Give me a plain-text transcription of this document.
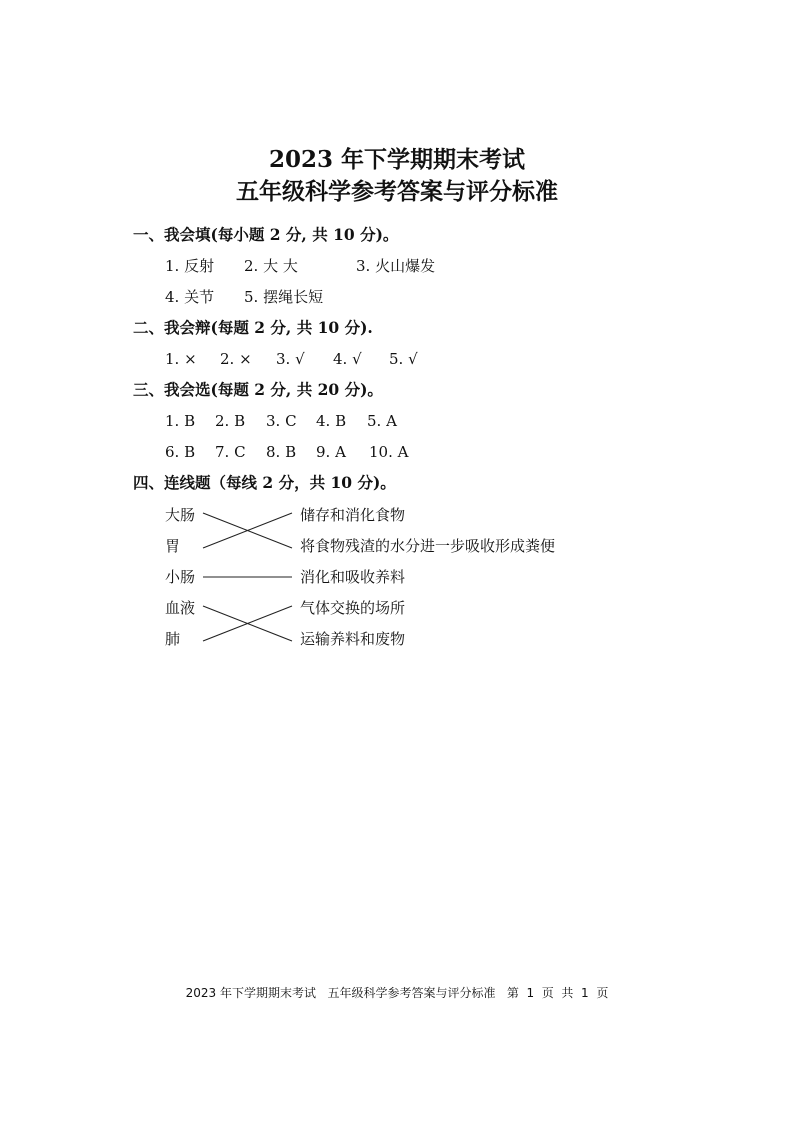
2023 年下学期期末考试
五年级科学参考答案与评分标准
一、我会填(每小题 2 分, 共 10 分)。
1. 反射 2. 大 大	3. 火山爆发
4. 关节 5. 摆绳长短
二、我会辩(每题 2 分, 共 10 分).
1. × 2. × 3. √ 4. √ 5. √
三、我会选(每题 2 分, 共 20 分)。
1. B 2. B 3. C 4. B 5. A
6. B 7. C 8. B 9. A 10. A
四、连线题（每线 2 分，共 10 分)。
大肠
胃
小肠
血液
肺
储存和消化食物
将食物残渣的水分进一步吸收形成粪便
消化和吸收养料
气体交换的场所
运输养料和废物
2023 年下学期期末考试   五年级科学参考答案与评分标准   第  1  页  共  1  页
